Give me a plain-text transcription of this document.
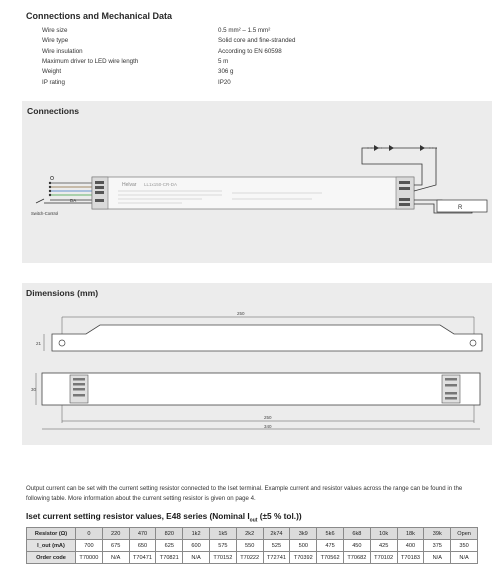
Connections and Mechanical Data
Wire size	0.5 mm² – 1.5 mm²
Wire type	Solid core and fine-stranded
Wire insulation	According to EN 60598
Maximum driver to LED wire length	5 m
Weight	306 g
IP rating	IP20
Connections
DA
Switch-Control
Helvar LL1x150-CR-DA
R
Dimensions (mm)
250
21
30
250
340
Output current can be set with the current setting resistor connected to the Iset terminal. Example current and resistor values across the range can be found in the following table. More information about the current setting resistor is given on page 4.
Iset current setting resistor values, E48 series (Nominal $I_{out}$ (±5 % tol.))
Resistor (Ω)	0	220	470	820	1k2	1k5	2k2	2k74	3k9	5k6	6k8	10k	18k	39k	Open
I_out (mA)	700	675	650	625	600	575	550	525	500	475	450	425	400	375	350
Order code	T70000	N/A	T70471	T70821	N/A	T70152	T70222	T72741	T70392	T70562	T70682	T70102	T70183	N/A	N/A
